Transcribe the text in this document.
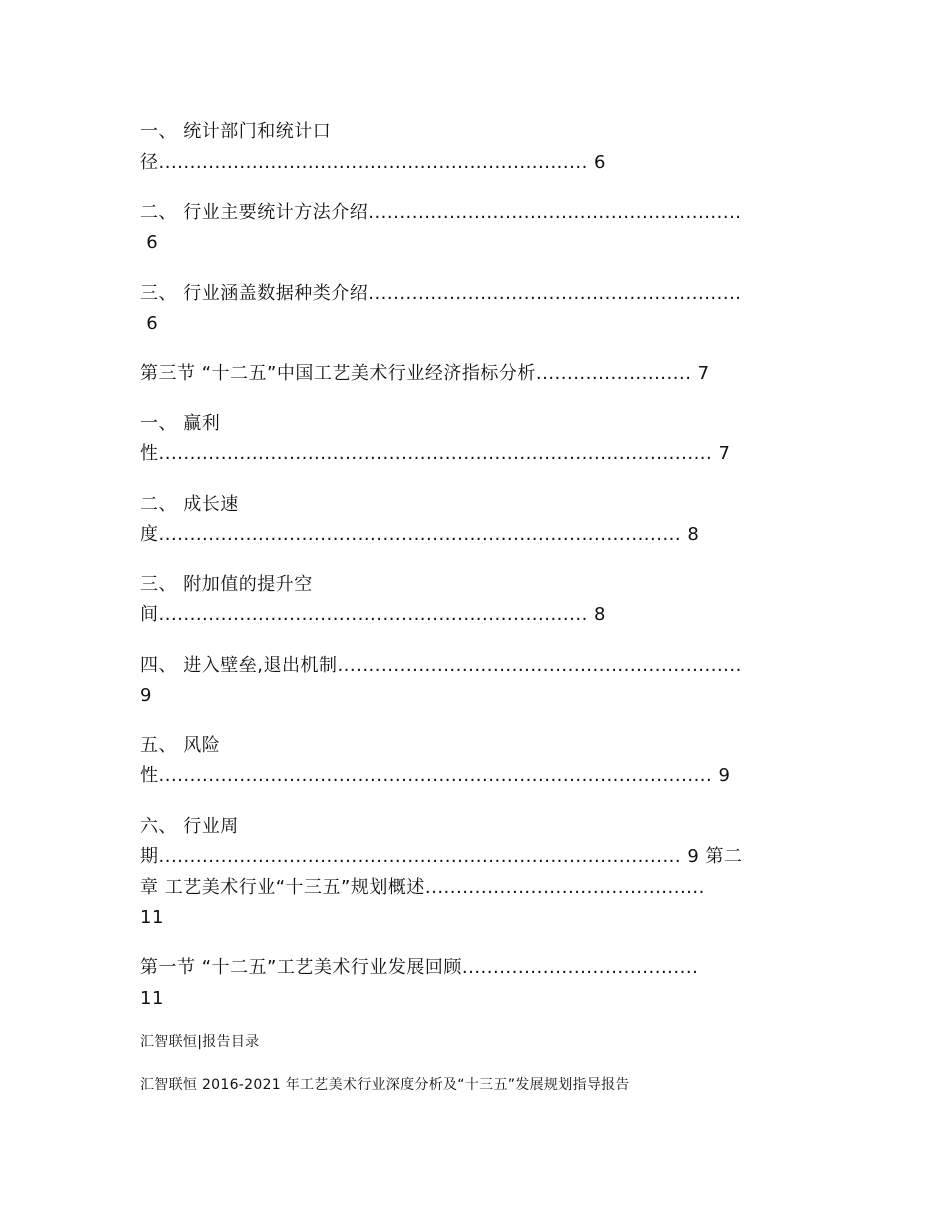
一、 统计部门和统计口
径..................................................................... 6
二、 行业主要统计方法介绍............................................................
6
三、 行业涵盖数据种类介绍............................................................
6
第三节 “十二五”中国工艺美术行业经济指标分析......................... 7
一、 赢利
性......................................................................................... 7
二、 成长速
度.................................................................................... 8
三、 附加值的提升空
间..................................................................... 8
四、 进入壁垒,退出机制.................................................................
9
五、 风险
性......................................................................................... 9
六、 行业周
期.................................................................................... 9 第二
章 工艺美术行业“十三五”规划概述.............................................
11
第一节 “十二五”工艺美术行业发展回顾......................................
11
汇智联恒|报告目录
汇智联恒 2016-2021 年工艺美术行业深度分析及“十三五”发展规划指导报告
